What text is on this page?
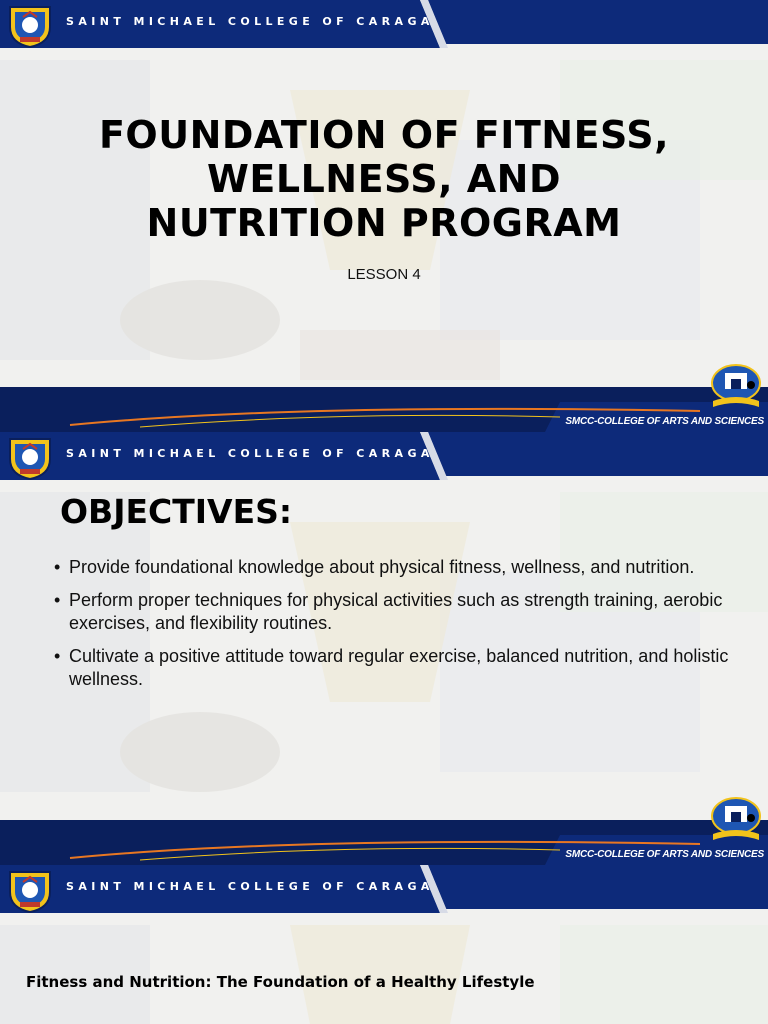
SAINT MICHAEL COLLEGE OF CARAGA
FOUNDATION OF FITNESS,
WELLNESS, AND
NUTRITION PROGRAM
LESSON 4
SMCC-COLLEGE OF ARTS AND SCIENCES
SAINT MICHAEL COLLEGE OF CARAGA
OBJECTIVES:
• Provide foundational knowledge about physical fitness, wellness, and nutrition.
• Perform proper techniques for physical activities such as strength training, aerobic exercises, and flexibility routines.
• Cultivate a positive attitude toward regular exercise, balanced nutrition, and holistic wellness.
SMCC-COLLEGE OF ARTS AND SCIENCES
SAINT MICHAEL COLLEGE OF CARAGA
Fitness and Nutrition: The Foundation of a Healthy Lifestyle
